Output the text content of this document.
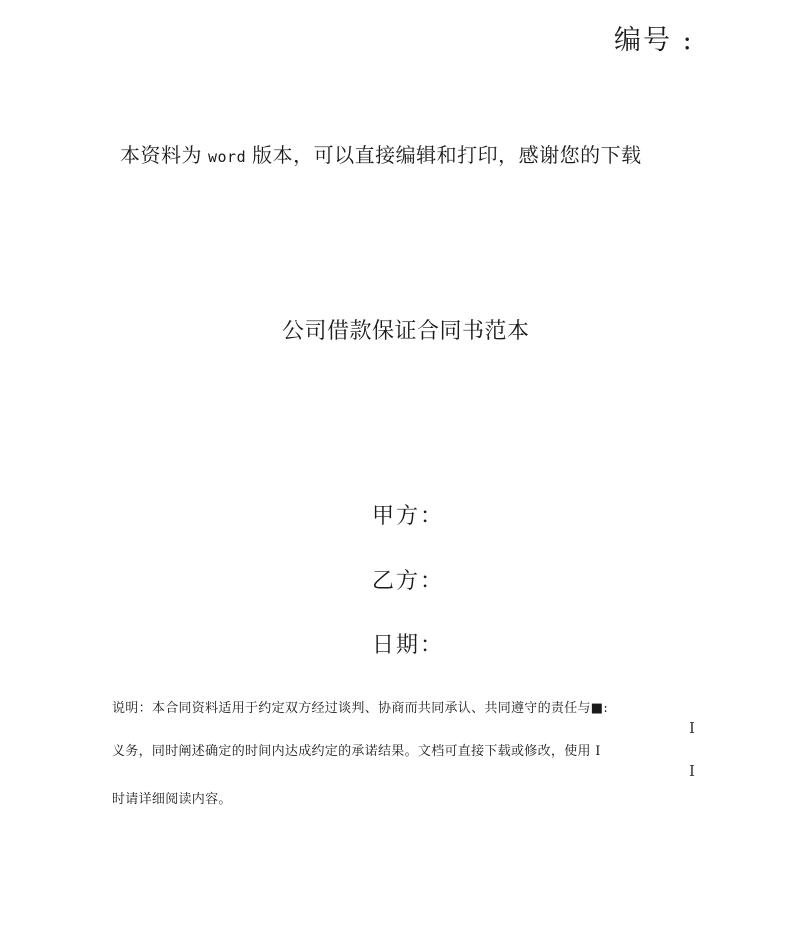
编号 :
本资料为 word 版本，可以直接编辑和打印，感谢您的下载
公司借款保证合同书范本
甲方：
乙方：
日期：
说明：本合同资料适用于约定双方经过谈判、协商而共同承认、共同遵守的责任与■:
I
义务，同时阐述确定的时间内达成约定的承诺结果。文档可直接下载或修改，使用 I
I
时请详细阅读内容。
